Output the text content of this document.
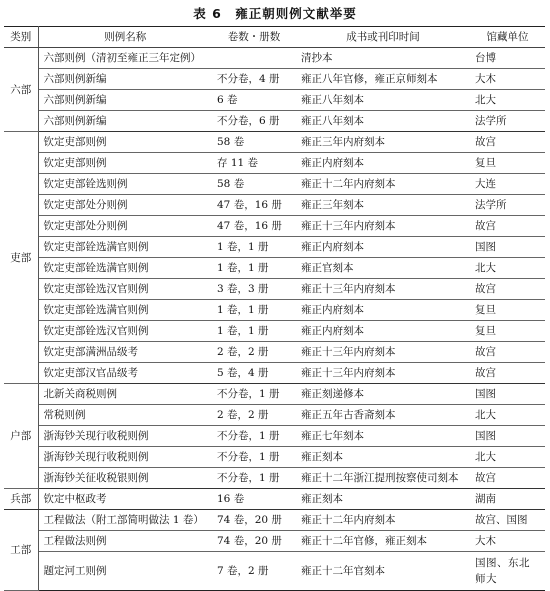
表 6 雍正朝则例文献举要
类别	则例名称	卷数・册数	成书或刊印时间	馆藏单位
六部	六部则例（清初至雍正三年定例）		清抄本	台博
	六部则例新编	不分卷，4 册	雍正八年官修，雍正京师刻本	大木
	六部则例新编	6 卷	雍正八年刻本	北大
	六部则例新编	不分卷，6 册	雍正八年刻本	法学所
吏部	钦定吏部则例	58 卷	雍正三年内府刻本	故宫
	钦定吏部则例	存 11 卷	雍正内府刻本	复旦
	钦定吏部铨选则例	58 卷	雍正十二年内府刻本	大连
	钦定吏部处分则例	47 卷，16 册	雍正三年刻本	法学所
	钦定吏部处分则例	47 卷，16 册	雍正十三年内府刻本	故宫
	钦定吏部铨选满官则例	1 卷，1 册	雍正内府刻本	国图
	钦定吏部铨选满官则例	1 卷，1 册	雍正官刻本	北大
	钦定吏部铨选汉官则例	3 卷，3 册	雍正十三年内府刻本	故宫
	钦定吏部铨选满官则例	1 卷，1 册	雍正内府刻本	复旦
	钦定吏部铨选汉官则例	1 卷，1 册	雍正内府刻本	复旦
	钦定吏部满洲品级考	2 卷，2 册	雍正十三年内府刻本	故宫
	钦定吏部汉官品级考	5 卷，4 册	雍正十三年内府刻本	故宫
户部	北新关商税则例	不分卷，1 册	雍正刻递修本	国图
	常税则例	2 卷，2 册	雍正五年古香斋刻本	北大
	浙海钞关现行收税则例	不分卷，1 册	雍正七年刻本	国图
	浙海钞关现行收税则例	不分卷，1 册	雍正刻本	北大
	浙海钞关征收税银则例	不分卷，1 册	雍正十二年浙江提刑按察使司刻本	故宫
兵部	钦定中枢政考	16 卷	雍正刻本	湖南
工部	工程做法（附工部简明做法 1 卷）	74 卷，20 册	雍正十二年内府刻本	故宫、国图
	工程做法则例	74 卷，20 册	雍正十二年官修，雍正刻本	大木
	题定河工则例	7 卷，2 册	雍正十二年官刻本	国图、东北师大
